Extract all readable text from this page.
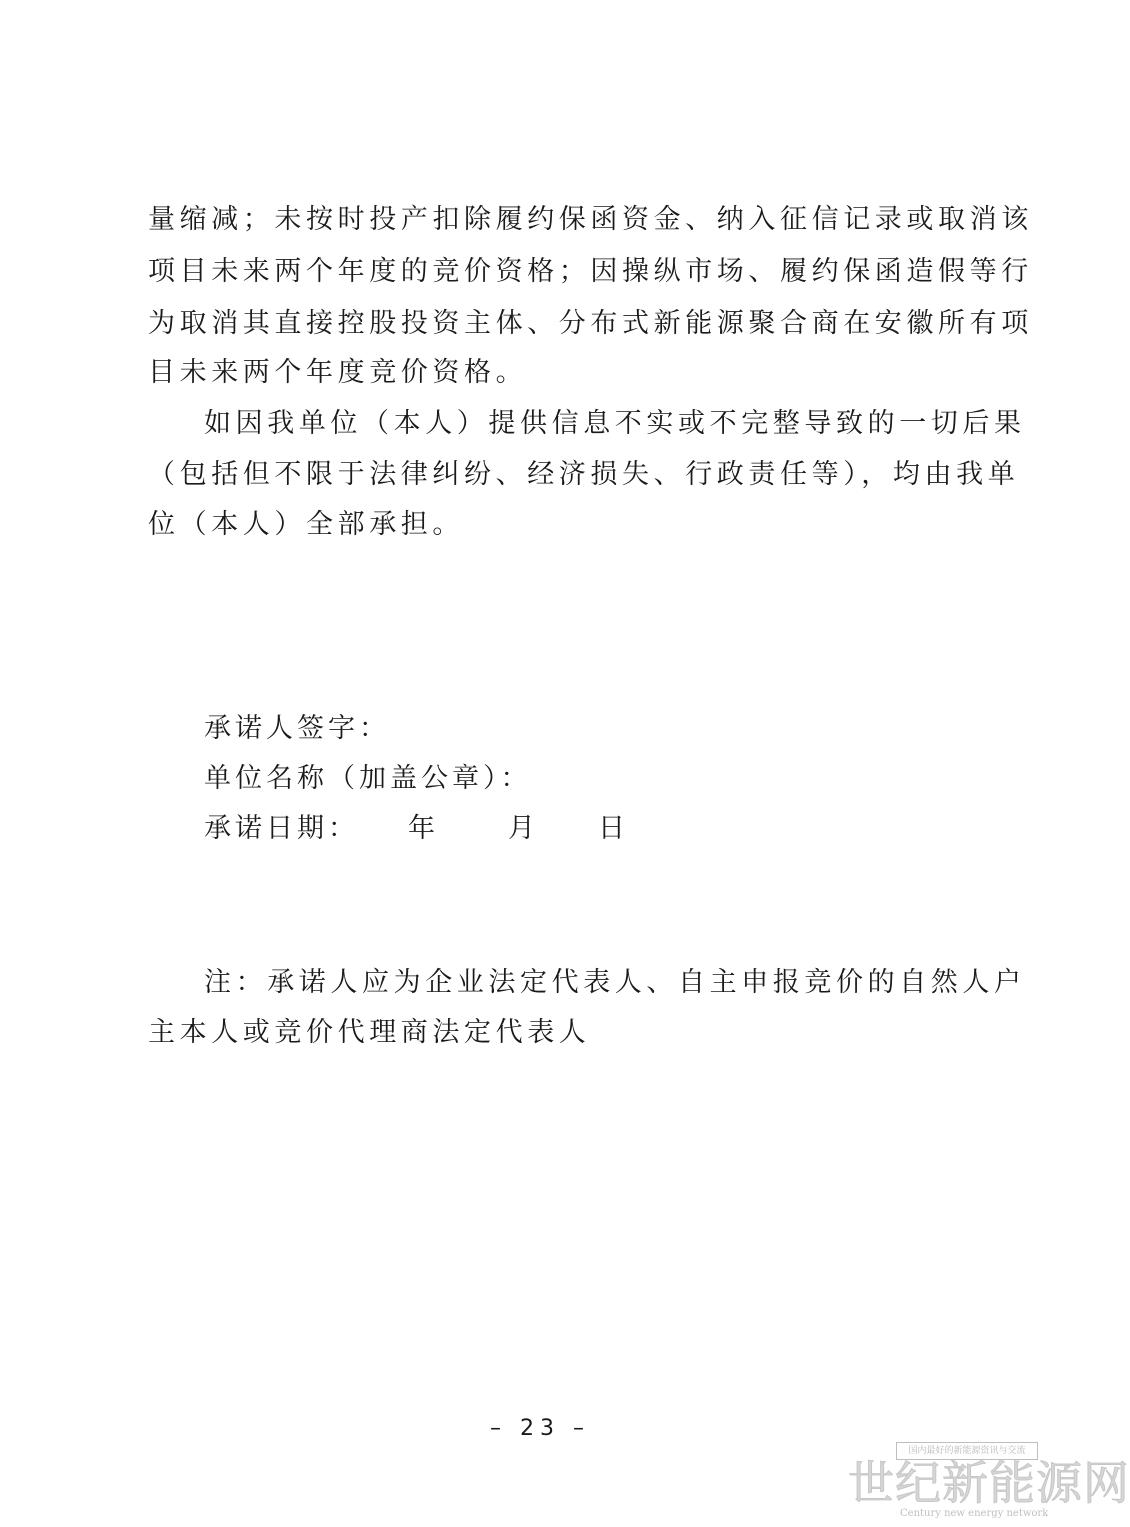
量缩减；未按时投产扣除履约保函资金、纳入征信记录或取消该
项目未来两个年度的竞价资格；因操纵市场、履约保函造假等行
为取消其直接控股投资主体、分布式新能源聚合商在安徽所有项
目未来两个年度竞价资格。
如因我单位（本人）提供信息不实或不完整导致的一切后果
（包括但不限于法律纠纷、经济损失、行政责任等），均由我单
位（本人）全部承担。
承诺人签字：
单位名称（加盖公章）：
承诺日期： 年	月 日
注：承诺人应为企业法定代表人、自主申报竞价的自然人户
主本人或竞价代理商法定代表人
– 23 –
国内最好的新能源资讯与交流
世纪新能源网
Century new energy network
